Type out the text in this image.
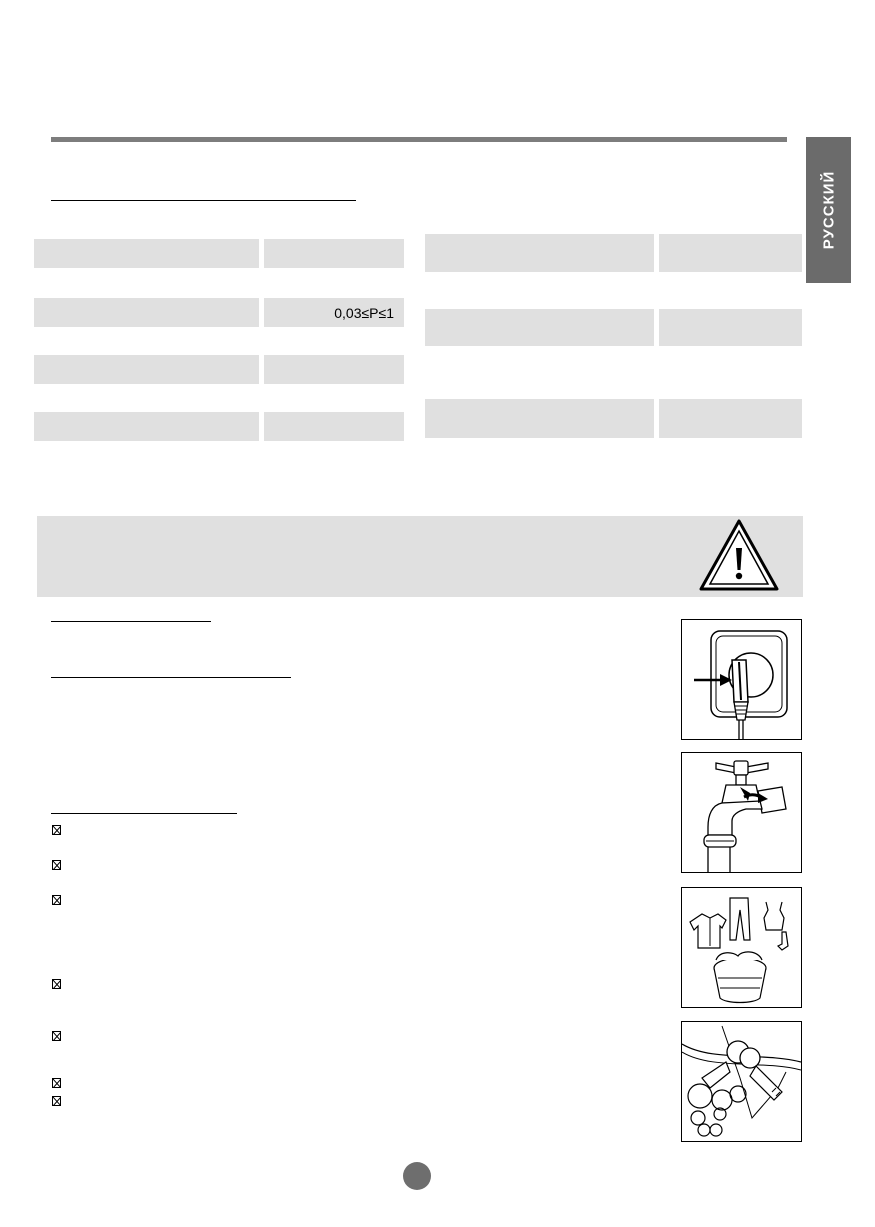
РУССКИЙ
0,03≤P≤1
